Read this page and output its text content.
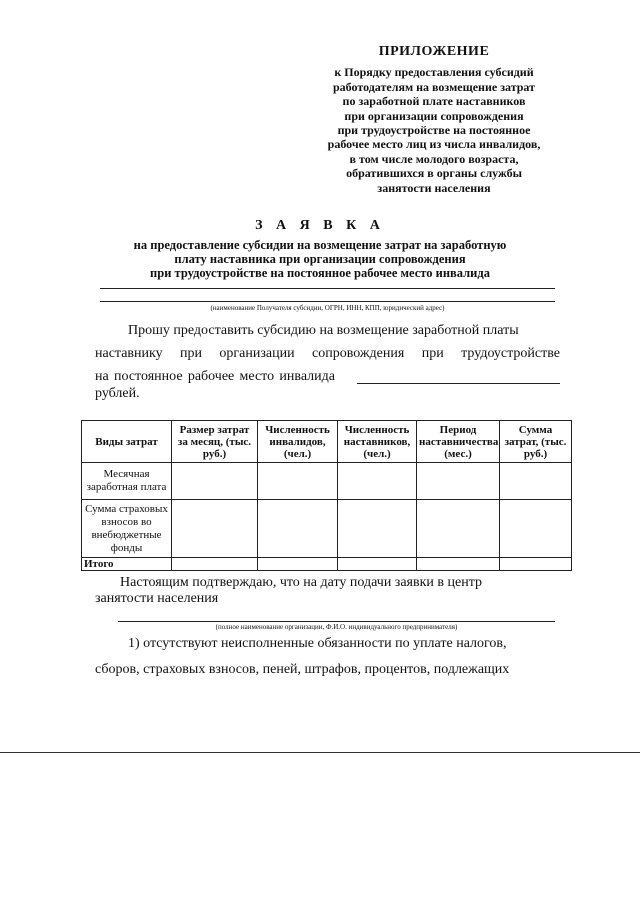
ПРИЛОЖЕНИЕ
к Порядку предоставления субсидий
работодателям на возмещение затрат
по заработной плате наставников
при организации сопровождения
при трудоустройстве на постоянное
рабочее место лиц из числа инвалидов,
в том числе молодого возраста,
обратившихся в органы службы
занятости населения
З А Я В К А
на предоставление субсидии на возмещение затрат на заработную
плату наставника при организации сопровождения
при трудоустройстве на постоянное рабочее место инвалида
(наименование Получателя субсидии, ОГРН, ИНН, КПП, юридический адрес)
Прошу предоставить субсидию на возмещение заработной платы
наставнику при организации сопровождения при трудоустройстве
на постоянное рабочее место инвалида
рублей.
Виды затрат	Размер затрат за месяц, (тыс. руб.)	Численность инвалидов, (чел.)	Численность наставников, (чел.)	Период наставничества (мес.)	Сумма затрат, (тыс. руб.)
Месячная заработная плата					
Сумма страховых взносов во внебюджетные фонды					
Итого					
Настоящим подтверждаю, что на дату подачи заявки в центр
занятости населения
(полное наименование организации, Ф.И.О. индивидуального предпринимателя)
1) отсутствуют неисполненные обязанности по уплате налогов,
сборов, страховых взносов, пеней, штрафов, процентов, подлежащих
